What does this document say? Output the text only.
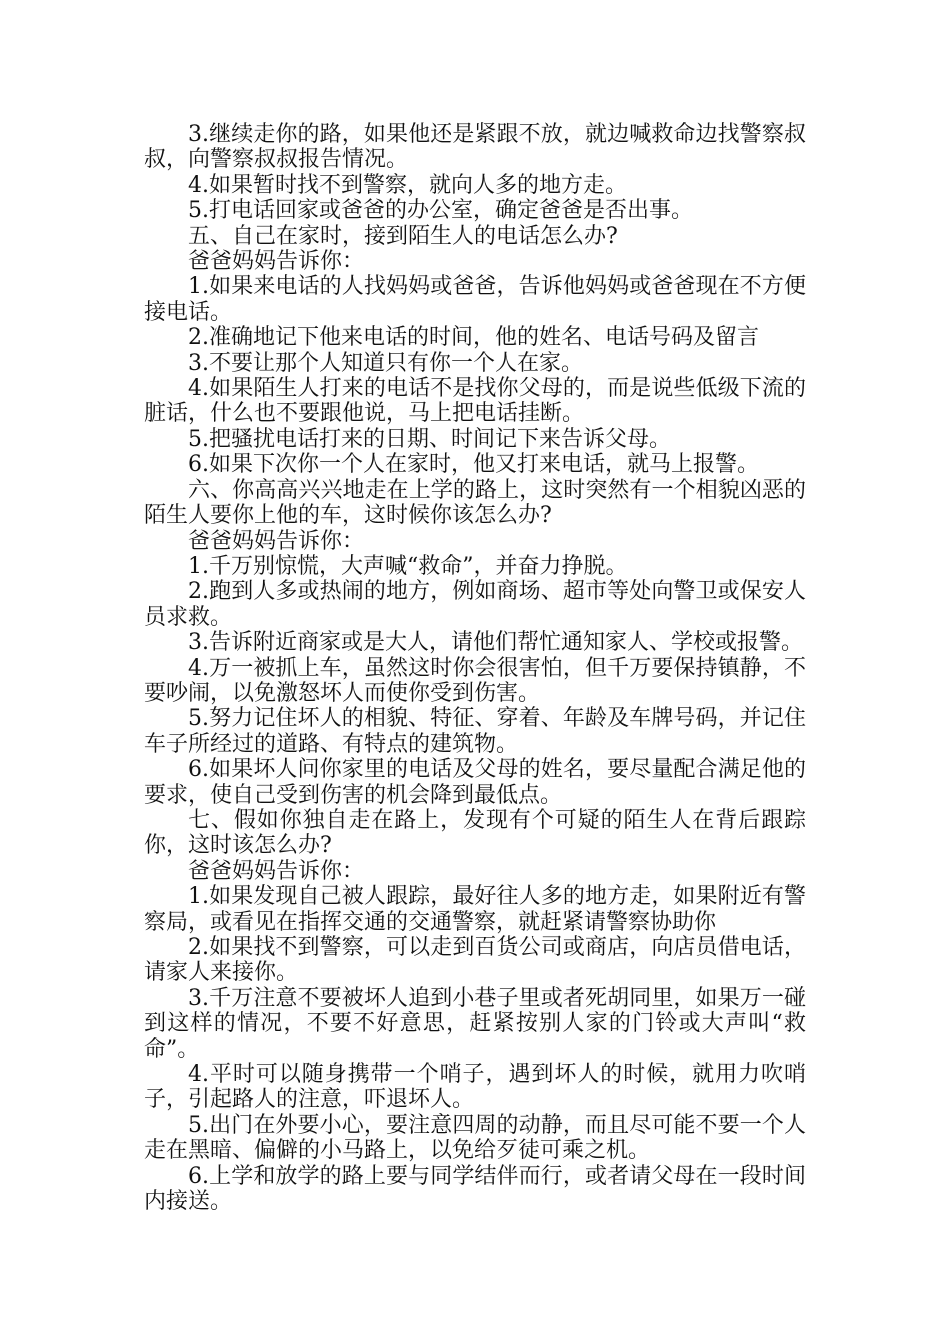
3.继续走你的路，如果他还是紧跟不放，就边喊救命边找警察叔叔，向警察叔叔报告情况。

4.如果暂时找不到警察，就向人多的地方走。

5.打电话回家或爸爸的办公室，确定爸爸是否出事。

五、自己在家时，接到陌生人的电话怎么办?

爸爸妈妈告诉你：

1.如果来电话的人找妈妈或爸爸，告诉他妈妈或爸爸现在不方便接电话。

2.准确地记下他来电话的时间，他的姓名、电话号码及留言

3.不要让那个人知道只有你一个人在家。

4.如果陌生人打来的电话不是找你父母的，而是说些低级下流的脏话，什么也不要跟他说，马上把电话挂断。

5.把骚扰电话打来的日期、时间记下来告诉父母。

6.如果下次你一个人在家时，他又打来电话，就马上报警。

六、你高高兴兴地走在上学的路上，这时突然有一个相貌凶恶的陌生人要你上他的车，这时候你该怎么办?

爸爸妈妈告诉你：

1.千万别惊慌，大声喊“救命”，并奋力挣脱。

2.跑到人多或热闹的地方，例如商场、超市等处向警卫或保安人员求救。

3.告诉附近商家或是大人，请他们帮忙通知家人、学校或报警。

4.万一被抓上车，虽然这时你会很害怕，但千万要保持镇静，不要吵闹，以免激怒坏人而使你受到伤害。

5.努力记住坏人的相貌、特征、穿着、年龄及车牌号码，并记住车子所经过的道路、有特点的建筑物。

6.如果坏人问你家里的电话及父母的姓名，要尽量配合满足他的要求，使自己受到伤害的机会降到最低点。

七、假如你独自走在路上，发现有个可疑的陌生人在背后跟踪你，这时该怎么办?

爸爸妈妈告诉你：

1.如果发现自己被人跟踪，最好往人多的地方走，如果附近有警察局，或看见在指挥交通的交通警察，就赶紧请警察协助你

2.如果找不到警察，可以走到百货公司或商店，向店员借电话，请家人来接你。

3.千万注意不要被坏人追到小巷子里或者死胡同里，如果万一碰到这样的情况，不要不好意思，赶紧按别人家的门铃或大声叫“救命”。

4.平时可以随身携带一个哨子，遇到坏人的时候，就用力吹哨子，引起路人的注意，吓退坏人。

5.出门在外要小心，要注意四周的动静，而且尽可能不要一个人走在黑暗、偏僻的小马路上，以免给歹徒可乘之机。

6.上学和放学的路上要与同学结伴而行，或者请父母在一段时间内接送。
